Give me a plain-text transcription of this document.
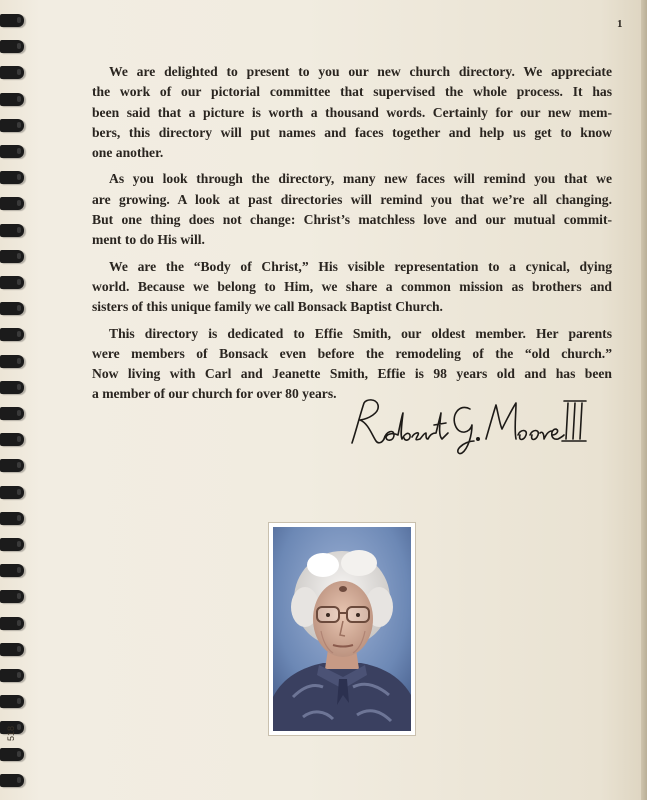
1

We are delighted to present to you our new church directory. We appreciate
the work of our pictorial committee that supervised the whole process. It has
been said that a picture is worth a thousand words. Certainly for our new mem-
bers, this directory will put names and faces together and help us get to know
one another.

As you look through the directory, many new faces will remind you that we
are growing. A look at past directories will remind you that we’re all changing.
But one thing does not change: Christ’s matchless love and our mutual commit-
ment to do His will.

We are the “Body of Christ,” His visible representation to a cynical, dying
world. Because we belong to Him, we share a common mission as brothers and
sisters of this unique family we call Bonsack Baptist Church.

This directory is dedicated to Effie Smith, our oldest member. Her parents
were members of Bonsack even before the remodeling of the “old church.”
Now living with Carl and Jeanette Smith, Effie is 98 years old and has been
a member of our church for over 80 years.

518
